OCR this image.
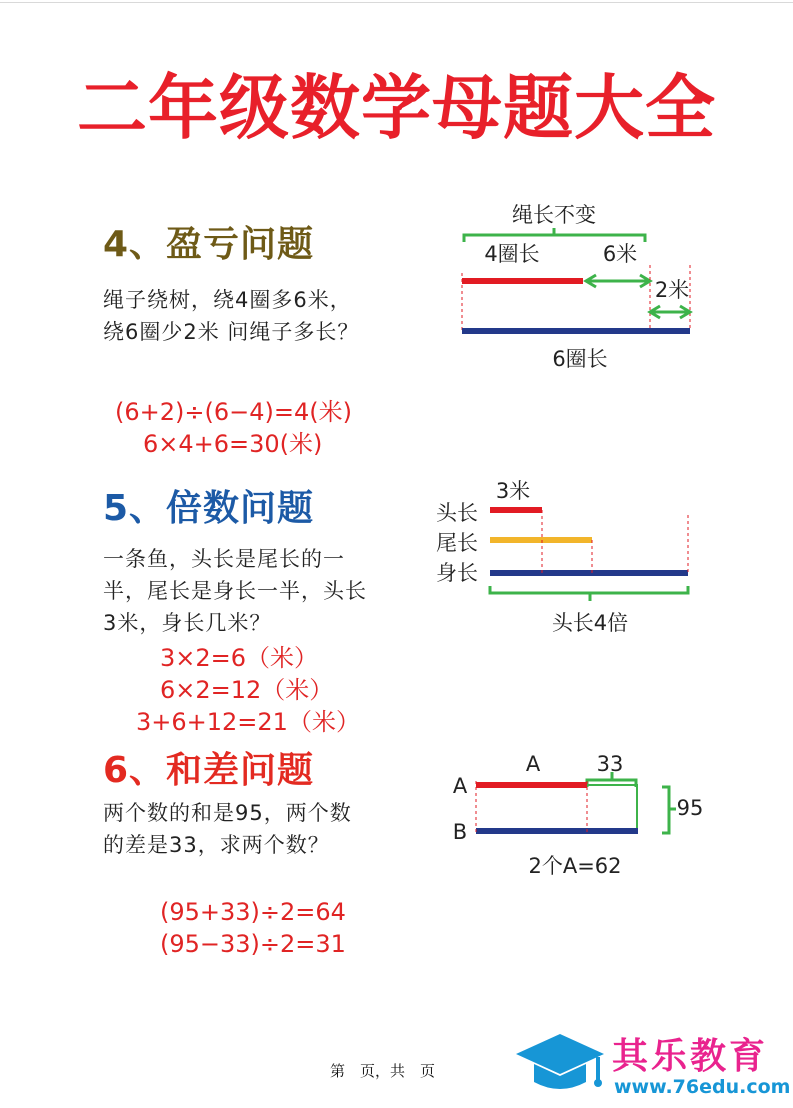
二年级数学母题大全
4、盈亏问题
绳子绕树，绕4圈多6米，绕6圈少2米 问绳子多长？
(6+2)÷(6−4)=4(米)
6×4+6=30(米)
绳长不变
4圈长	6米
2米
6圈长
5、倍数问题
一条鱼，头长是尾长的一半，尾长是身长一半，头长3米，身长几米？
3×2=6（米）
6×2=12（米）
3+6+12=21（米）
3米
头长
尾长
身长
头长4倍
6、和差问题
两个数的和是95，两个数的差是33，求两个数？
(95+33)÷2=64
(95−33)÷2=31
A	33
A
B
95
2个A=62
第　页，共　页	其乐教育
www.76edu.com
